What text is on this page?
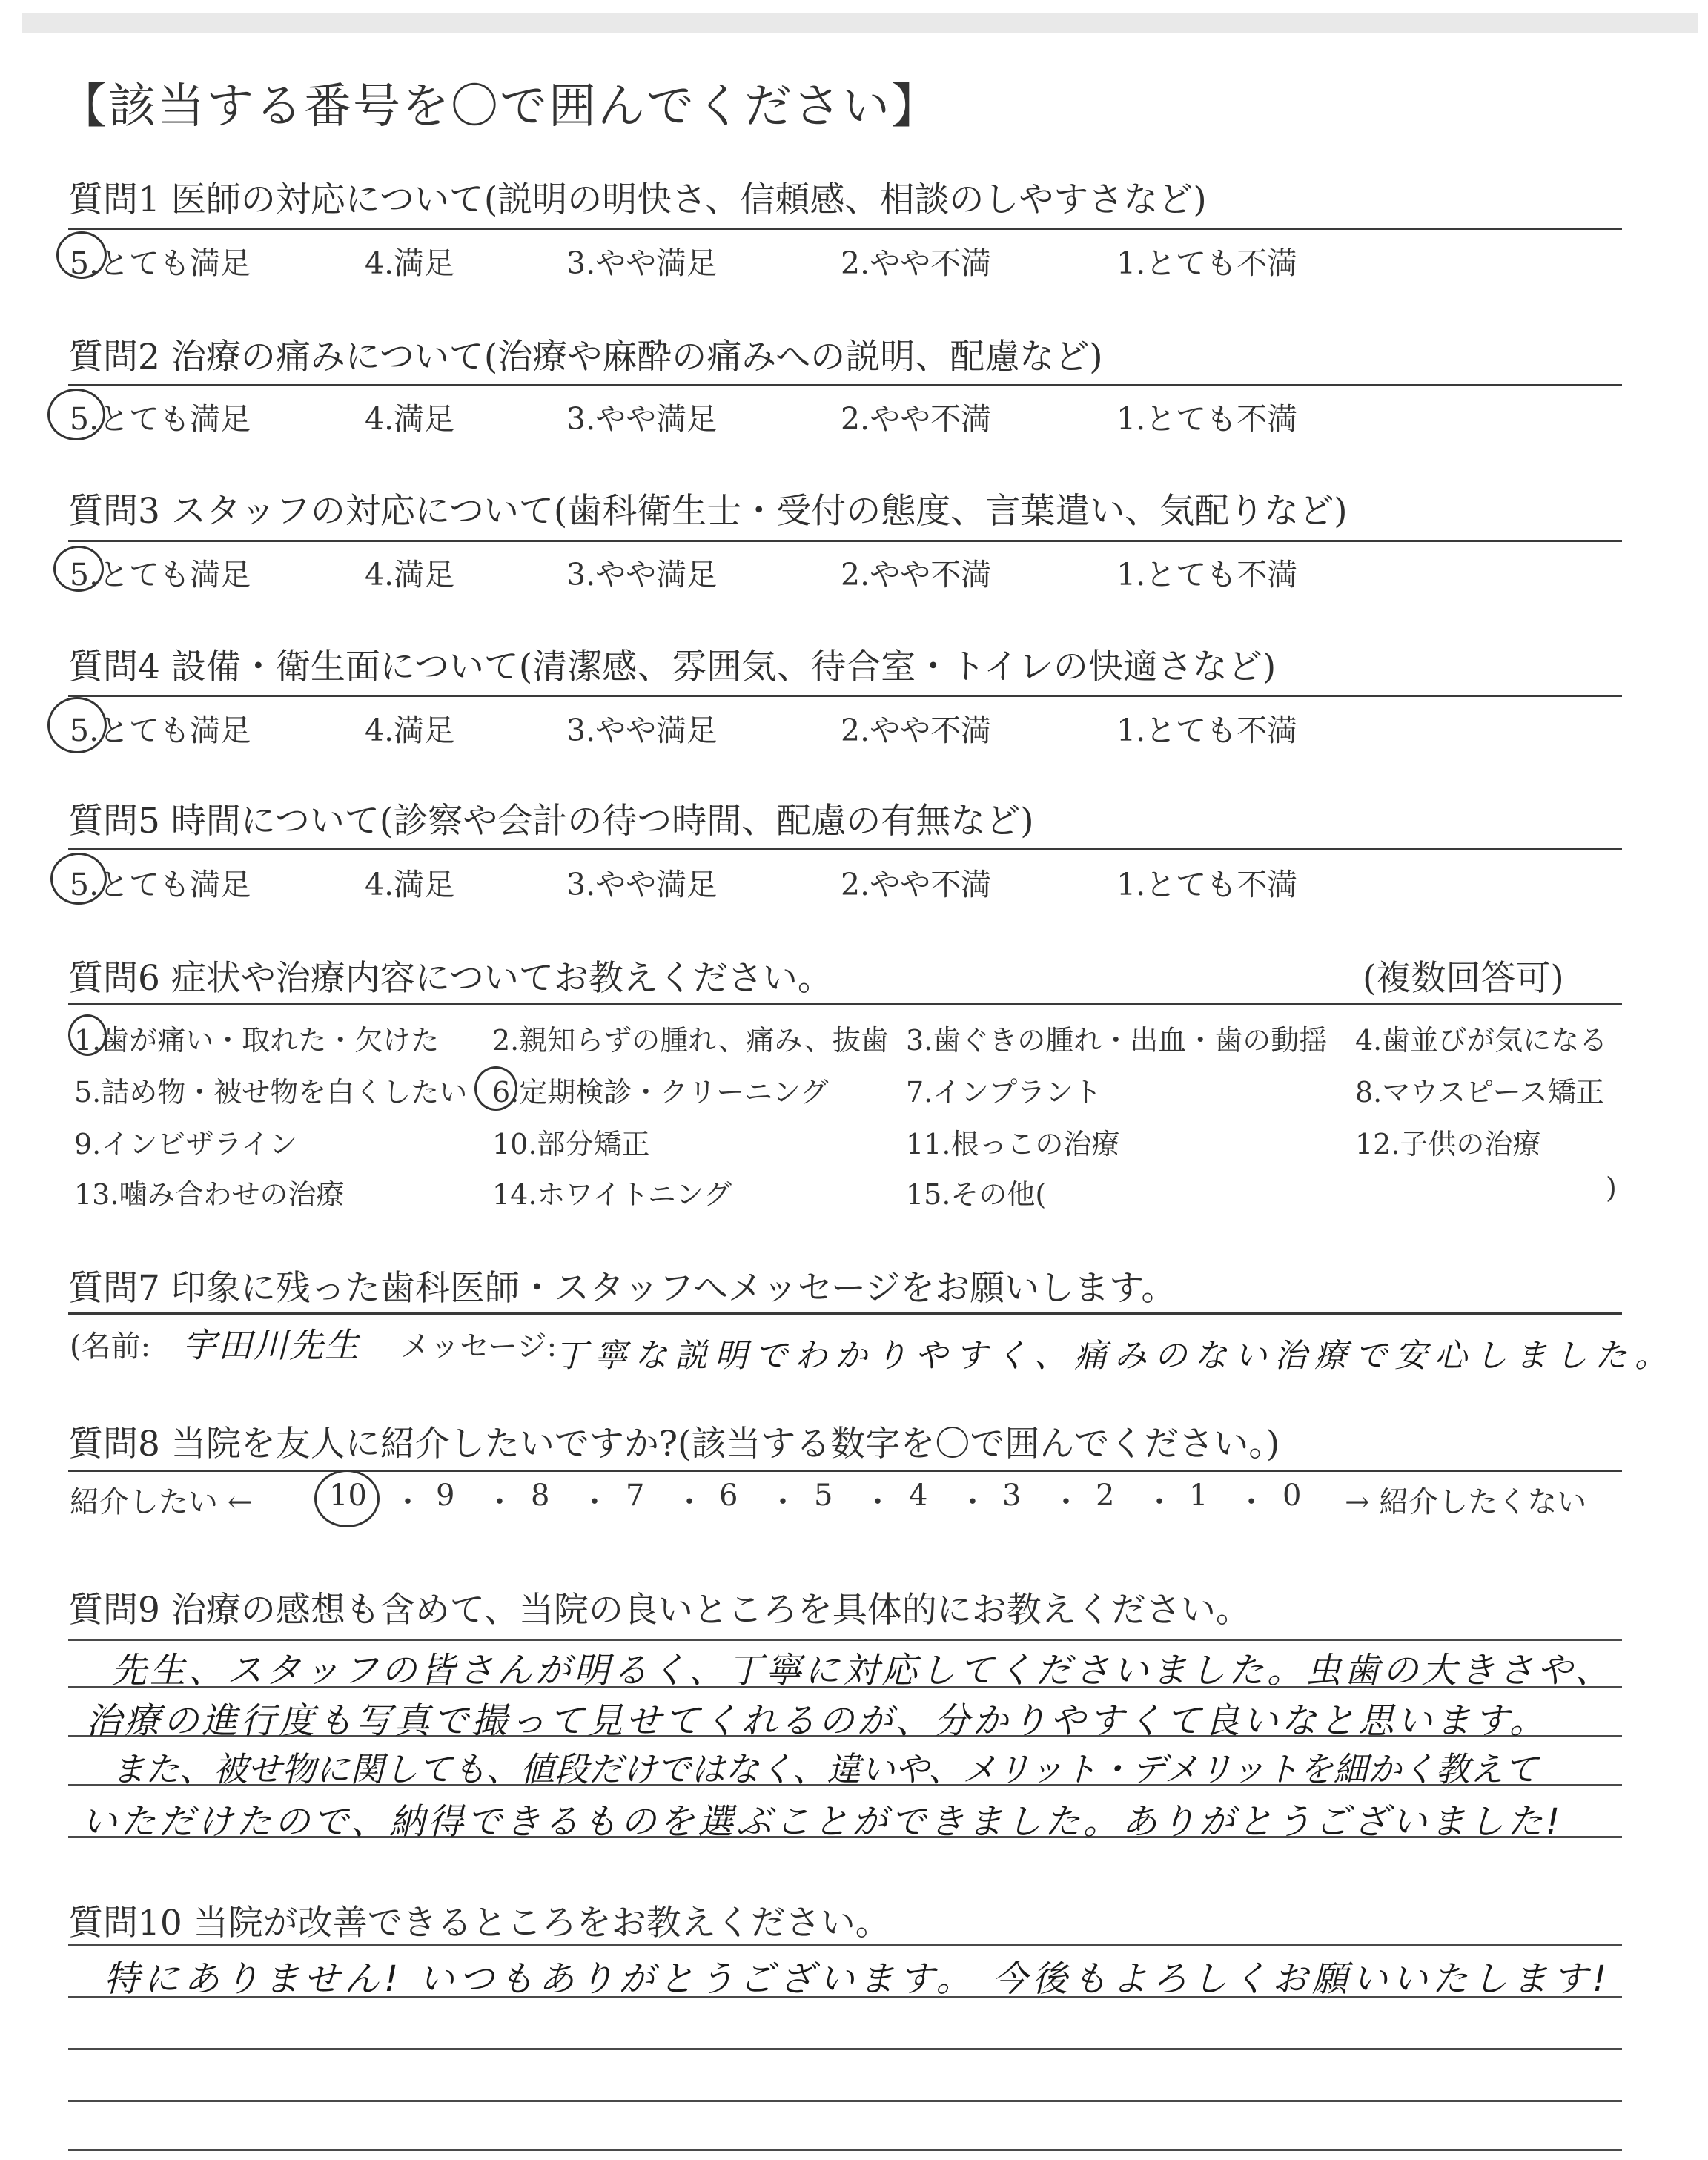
【該当する番号を〇で囲んでください】
質問1 医師の対応について(説明の明快さ、信頼感、相談のしやすさなど)
5.とても満足	4.満足	3.やや満足	2.やや不満	1.とても不満
質問2 治療の痛みについて(治療や麻酔の痛みへの説明、配慮など)
5.とても満足	4.満足	3.やや満足	2.やや不満	1.とても不満
質問3 スタッフの対応について(歯科衛生士・受付の態度、言葉遣い、気配りなど)
5.とても満足	4.満足	3.やや満足	2.やや不満	1.とても不満
質問4 設備・衛生面について(清潔感、雰囲気、待合室・トイレの快適さなど)
5.とても満足	4.満足	3.やや満足	2.やや不満	1.とても不満
質問5 時間について(診察や会計の待つ時間、配慮の有無など)
5.とても満足	4.満足	3.やや満足	2.やや不満	1.とても不満
質問6 症状や治療内容についてお教えください。	(複数回答可)
1.歯が痛い・取れた・欠けた 2.親知らずの腫れ、痛み、抜歯 3.歯ぐきの腫れ・出血・歯の動揺 4.歯並びが気になる
5.詰め物・被せ物を白くしたい 6.定期検診・クリーニング	7.インプラント	8.マウスピース矯正
9.インビザライン	10.部分矯正	11.根っこの治療	12.子供の治療
13.噛み合わせの治療	14.ホワイトニング	15.その他(	)
質問7 印象に残った歯科医師・スタッフへメッセージをお願いします。
(名前: 宇田川先生 メッセージ:
丁寧な説明でわかりやすく、痛みのない治療で安心しました。
質問8 当院を友人に紹介したいですか?(該当する数字を〇で囲んでください。)
紹介したい ←	10 ・ 9 ・ 8 ・ 7 ・ 6 ・ 5 ・ 4 ・ 3 ・ 2 ・ 1 ・ 0 → 紹介したくない
質問9 治療の感想も含めて、当院の良いところを具体的にお教えください。
先生、スタッフの皆さんが明るく、丁寧に対応してくださいました。虫歯の大きさや、
治療の進行度も写真で撮って見せてくれるのが、分かりやすくて良いなと思います。
また、被せ物に関しても、値段だけではなく、違いや、メリット・デメリットを細かく教えて
いただけたので、納得できるものを選ぶことができました。ありがとうございました!
質問10 当院が改善できるところをお教えください。
特にありません! いつもありがとうございます。 今後もよろしくお願いいたします!
